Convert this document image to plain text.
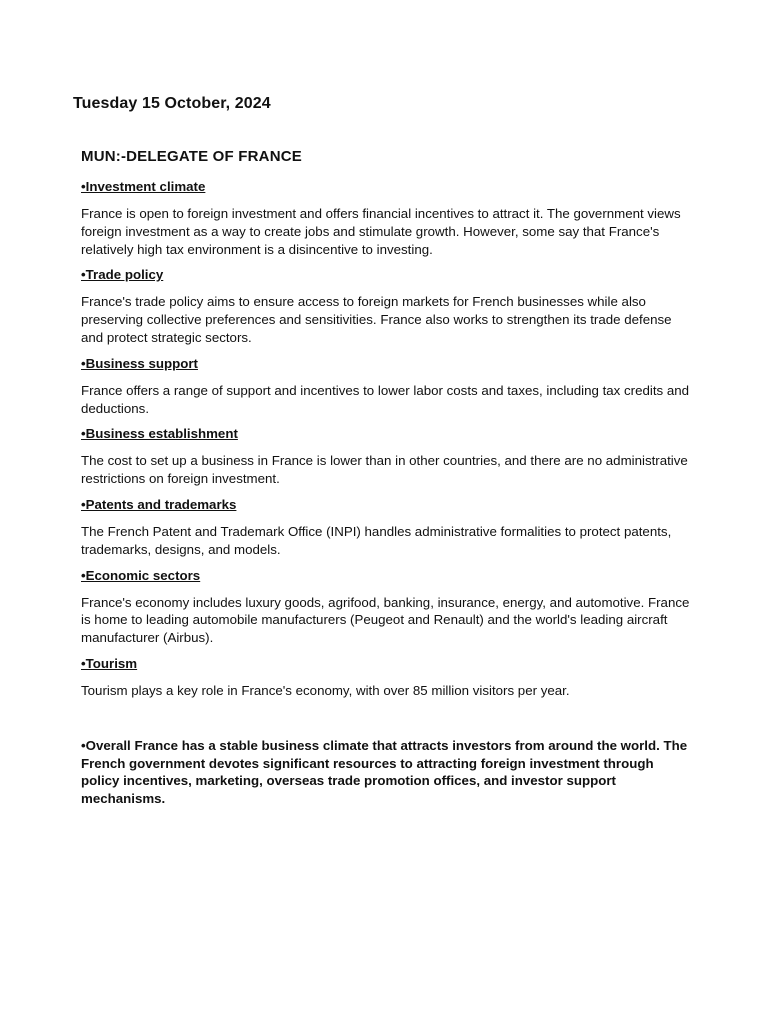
Tuesday 15 October, 2024
MUN:-DELEGATE OF FRANCE
•Investment climate
France is open to foreign investment and offers financial incentives to attract it. The government views foreign investment as a way to create jobs and stimulate growth. However, some say that France's relatively high tax environment is a disincentive to investing.
•Trade policy
France's trade policy aims to ensure access to foreign markets for French businesses while also preserving collective preferences and sensitivities. France also works to strengthen its trade defense and protect strategic sectors.
•Business support
France offers a range of support and incentives to lower labor costs and taxes, including tax credits and deductions.
•Business establishment
The cost to set up a business in France is lower than in other countries, and there are no administrative restrictions on foreign investment.
•Patents and trademarks
The French Patent and Trademark Office (INPI) handles administrative formalities to protect patents, trademarks, designs, and models.
•Economic sectors
France's economy includes luxury goods, agrifood, banking, insurance, energy, and automotive. France is home to leading automobile manufacturers (Peugeot and Renault) and the world's leading aircraft manufacturer (Airbus).
•Tourism
Tourism plays a key role in France's economy, with over 85 million visitors per year.
•Overall France has a stable business climate that attracts investors from around the world. The French government devotes significant resources to attracting foreign investment through policy incentives, marketing, overseas trade promotion offices, and investor support mechanisms.
